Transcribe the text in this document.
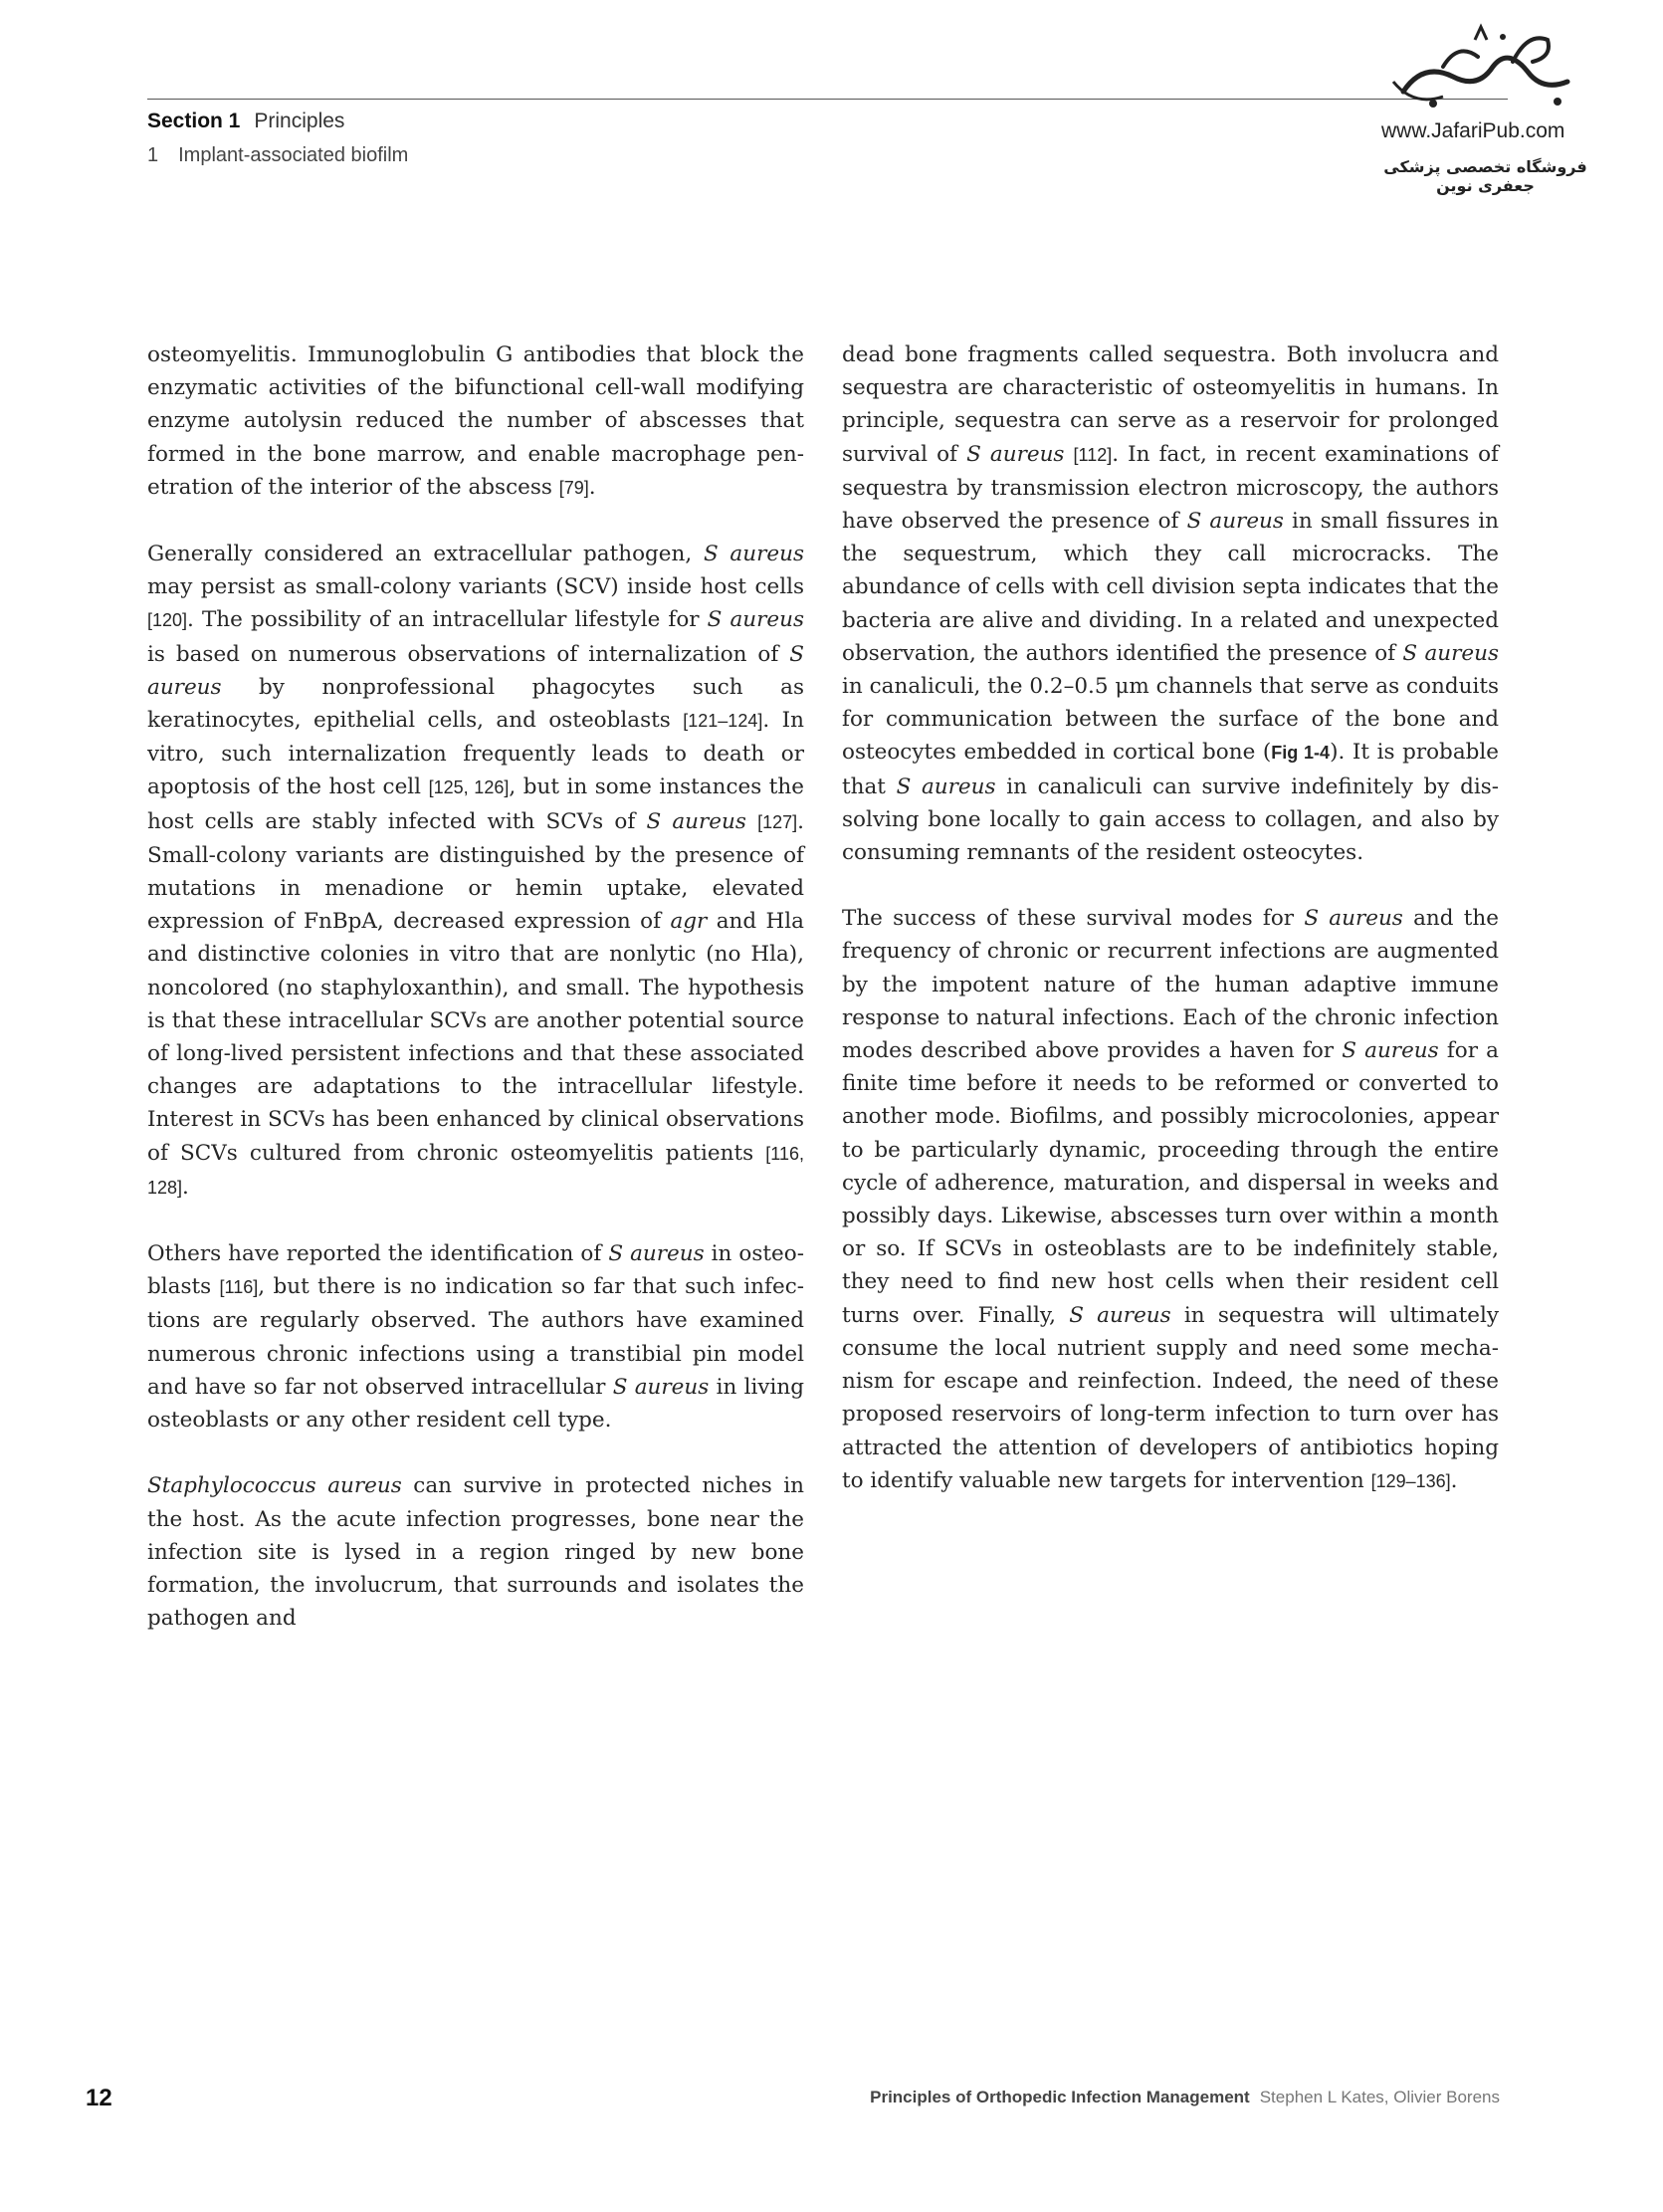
Section 1 Principles
1 Implant-associated biofilm
www.JafariPub.com
فروشگاه تخصصی پزشکی جعفری نوین

osteomyelitis. Immunoglobulin G antibodies that block the enzymatic activities of the bifunctional cell-wall modifying enzyme autolysin reduced the number of abscesses that formed in the bone marrow, and enable macrophage penetration of the interior of the abscess [79].

Generally considered an extracellular pathogen, S aureus may persist as small-colony variants (SCV) inside host cells [120]. The possibility of an intracellular lifestyle for S aureus is based on numerous observations of internalization of S aureus by nonprofessional phagocytes such as keratinocytes, epithelial cells, and osteoblasts [121–124]. In vitro, such internalization frequently leads to death or apoptosis of the host cell [125, 126], but in some instances the host cells are stably infected with SCVs of S aureus [127]. Small-colony variants are distinguished by the presence of mutations in menadione or hemin uptake, elevated expression of FnBpA, decreased expression of agr and Hla and distinctive colonies in vitro that are nonlytic (no Hla), noncolored (no staphyloxanthin), and small. The hypothesis is that these intracellular SCVs are another potential source of long-lived persistent infections and that these associated changes are adaptations to the intracellular lifestyle. Interest in SCVs has been enhanced by clinical observations of SCVs cultured from chronic osteomyelitis patients [116, 128].

Others have reported the identification of S aureus in osteoblasts [116], but there is no indication so far that such infections are regularly observed. The authors have examined numerous chronic infections using a transtibial pin model and have so far not observed intracellular S aureus in living osteoblasts or any other resident cell type.

Staphylococcus aureus can survive in protected niches in the host. As the acute infection progresses, bone near the infection site is lysed in a region ringed by new bone formation, the involucrum, that surrounds and isolates the pathogen and

dead bone fragments called sequestra. Both involucra and sequestra are characteristic of osteomyelitis in humans. In principle, sequestra can serve as a reservoir for prolonged survival of S aureus [112]. In fact, in recent examinations of sequestra by transmission electron microscopy, the authors have observed the presence of S aureus in small fissures in the sequestrum, which they call microcracks. The abundance of cells with cell division septa indicates that the bacteria are alive and dividing. In a related and unexpected observation, the authors identified the presence of S aureus in canaliculi, the 0.2–0.5 μm channels that serve as conduits for communication between the surface of the bone and osteocytes embedded in cortical bone (Fig 1-4). It is probable that S aureus in canaliculi can survive indefinitely by dissolving bone locally to gain access to collagen, and also by consuming remnants of the resident osteocytes.

The success of these survival modes for S aureus and the frequency of chronic or recurrent infections are augmented by the impotent nature of the human adaptive immune response to natural infections. Each of the chronic infection modes described above provides a haven for S aureus for a finite time before it needs to be reformed or converted to another mode. Biofilms, and possibly microcolonies, appear to be particularly dynamic, proceeding through the entire cycle of adherence, maturation, and dispersal in weeks and possibly days. Likewise, abscesses turn over within a month or so. If SCVs in osteoblasts are to be indefinitely stable, they need to find new host cells when their resident cell turns over. Finally, S aureus in sequestra will ultimately consume the local nutrient supply and need some mechanism for escape and reinfection. Indeed, the need of these proposed reservoirs of long-term infection to turn over has attracted the attention of developers of antibiotics hoping to identify valuable new targets for intervention [129–136].

12	Principles of Orthopedic Infection Management Stephen L Kates, Olivier Borens
